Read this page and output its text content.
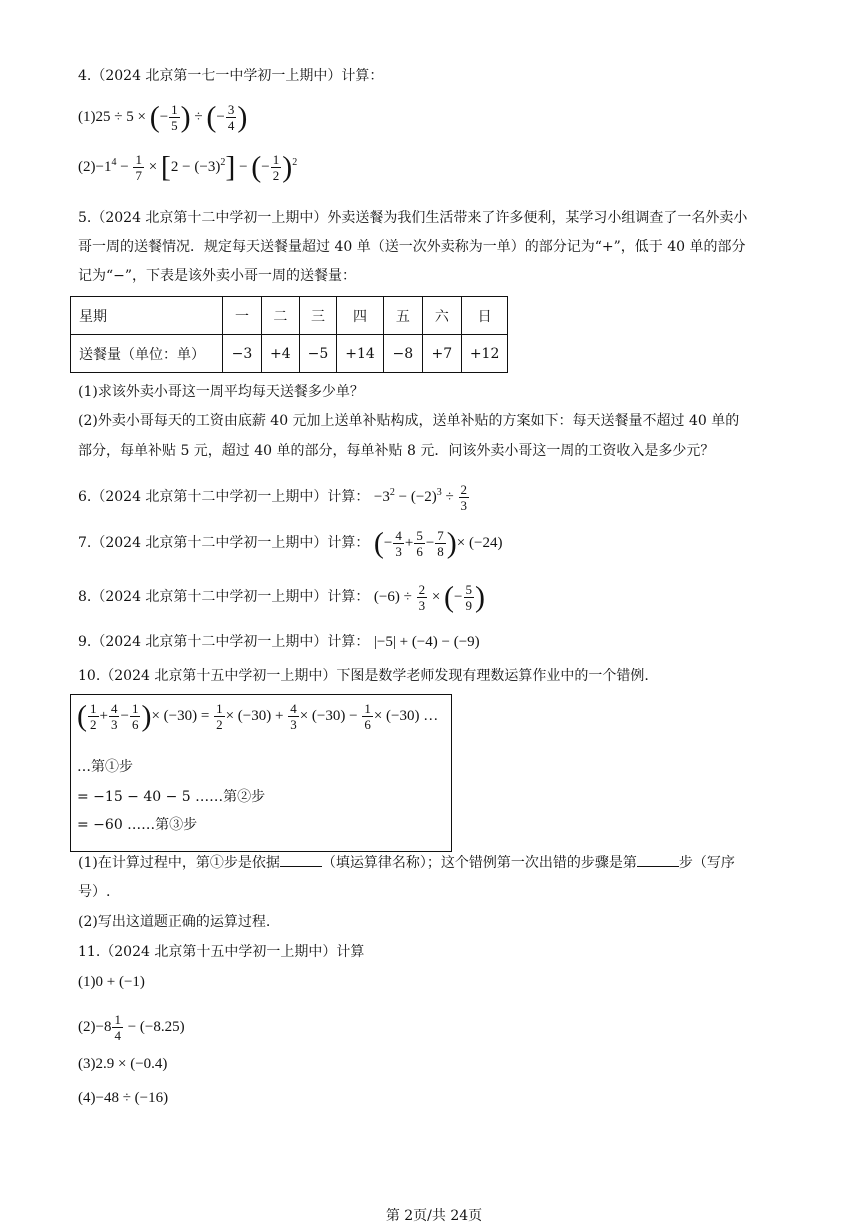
4.（2024 北京第一七一中学初一上期中）计算：
(1)25 ÷ 5 × (− $\frac{1}{5}$ ) ÷ (− $\frac{3}{4}$ )
$(2)-1^4 - \frac{1}{7} \times [2 - (-3)^2]$ − (− $\frac{1}{2} )^2$
5.（2024 北京第十二中学初一上期中）外卖送餐为我们生活带来了许多便利，某学习小组调查了一名外卖小
哥一周的送餐情况．规定每天送餐量超过 40 单（送一次外卖称为一单）的部分记为“+”，低于 40 单的部分
记为“−”，下表是该外卖小哥一周的送餐量：
星期	一	二	三	四	五	六	日
送餐量（单位：单）	−3	+4	−5	+14	−8	+7	+12
(1)求该外卖小哥这一周平均每天送餐多少单？
(2)外卖小哥每天的工资由底薪 40 元加上送单补贴构成，送单补贴的方案如下：每天送餐量不超过 40 单的
部分，每单补贴 5 元，超过 40 单的部分，每单补贴 8 元．问该外卖小哥这一周的工资收入是多少元？
6.（2024 北京第十二中学初一上期中）计算： $-3^2 - (-2)^3 \div \frac{2}{3}$
7.（2024 北京第十二中学初一上期中）计算： (− $\frac{4}{3} + \frac{5}{6} - \frac{7}{8}$ )× (−24)
8.（2024 北京第十二中学初一上期中）计算： $(-6) \div \frac{2}{3}$ × (− $\frac{5}{9}$ )
9.（2024 北京第十二中学初一上期中）计算： |−5| + (−4) − (−9)
10.（2024 北京第十五中学初一上期中）下图是数学老师发现有理数运算作业中的一个错例.
( $\frac{1}{2} + \frac{4}{3} - \frac{1}{6}$ )× $(-30) = \frac{1}{2} \times (-30) + \frac{4}{3} \times (-30) - \frac{1}{6} \times (-30)$ …
…第①步
= −15 − 40 − 5 ……第②步
= −60 ……第③步
(1)在计算过程中，第①步是依据	（填运算律名称）；这个错例第一次出错的步骤是第	步（写序
号）.
(2)写出这道题正确的运算过程.
11.（2024 北京第十五中学初一上期中）计算
(1)0 + (−1)
$(2)-8 \frac{1}{4} - (-8.25)$
(3)2.9 × (−0.4)
(4)−48 ÷ (−16)
第 2页/共 24页
